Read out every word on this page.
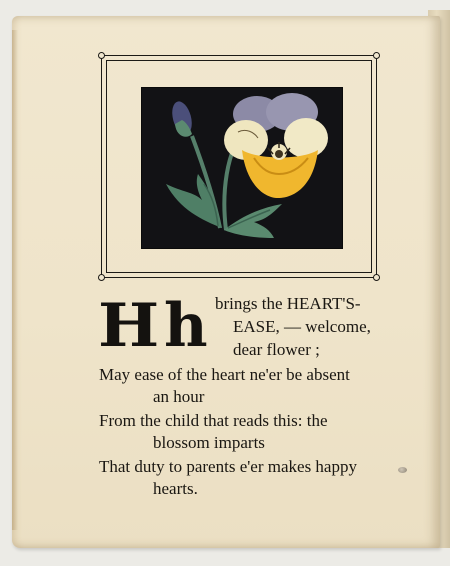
H h brings the HEART'S-
EASE, — welcome,
dear flower ;
May ease of the heart ne'er be absent
an hour
From the child that reads this: the
blossom imparts
That duty to parents e'er makes happy
hearts.
